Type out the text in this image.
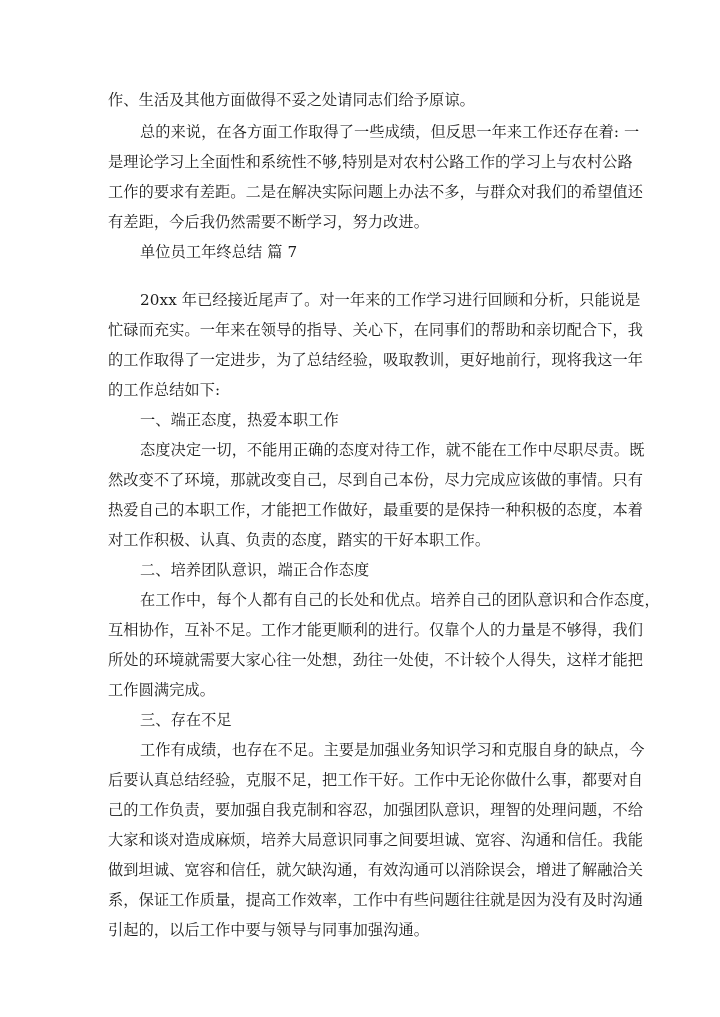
作、生活及其他方面做得不妥之处请同志们给予原谅。
总的来说，在各方面工作取得了一些成绩，但反思一年来工作还存在着: 一
是理论学习上全面性和系统性不够,特别是对农村公路工作的学习上与农村公路
工作的要求有差距。二是在解决实际问题上办法不多，与群众对我们的希望值还
有差距，今后我仍然需要不断学习，努力改进。
单位员工年终总结 篇 7
20xx 年已经接近尾声了。对一年来的工作学习进行回顾和分析，只能说是
忙碌而充实。一年来在领导的指导、关心下，在同事们的帮助和亲切配合下，我
的工作取得了一定进步，为了总结经验，吸取教训，更好地前行，现将我这一年
的工作总结如下:
一、端正态度，热爱本职工作
态度决定一切，不能用正确的态度对待工作，就不能在工作中尽职尽责。既
然改变不了环境，那就改变自己，尽到自己本份，尽力完成应该做的事情。只有
热爱自己的本职工作，才能把工作做好，最重要的是保持一种积极的态度，本着
对工作积极、认真、负责的态度，踏实的干好本职工作。
二、培养团队意识，端正合作态度
在工作中，每个人都有自己的长处和优点。培养自己的团队意识和合作态度，
互相协作，互补不足。工作才能更顺利的进行。仅靠个人的力量是不够得，我们
所处的环境就需要大家心往一处想，劲往一处使，不计较个人得失，这样才能把
工作圆满完成。
三、存在不足
工作有成绩，也存在不足。主要是加强业务知识学习和克服自身的缺点，今
后要认真总结经验，克服不足，把工作干好。工作中无论你做什么事，都要对自
己的工作负责，要加强自我克制和容忍，加强团队意识，理智的处理问题，不给
大家和谈对造成麻烦，培养大局意识同事之间要坦诚、宽容、沟通和信任。我能
做到坦诚、宽容和信任，就欠缺沟通，有效沟通可以消除误会，增进了解融洽关
系，保证工作质量，提高工作效率，工作中有些问题往往就是因为没有及时沟通
引起的，以后工作中要与领导与同事加强沟通。
